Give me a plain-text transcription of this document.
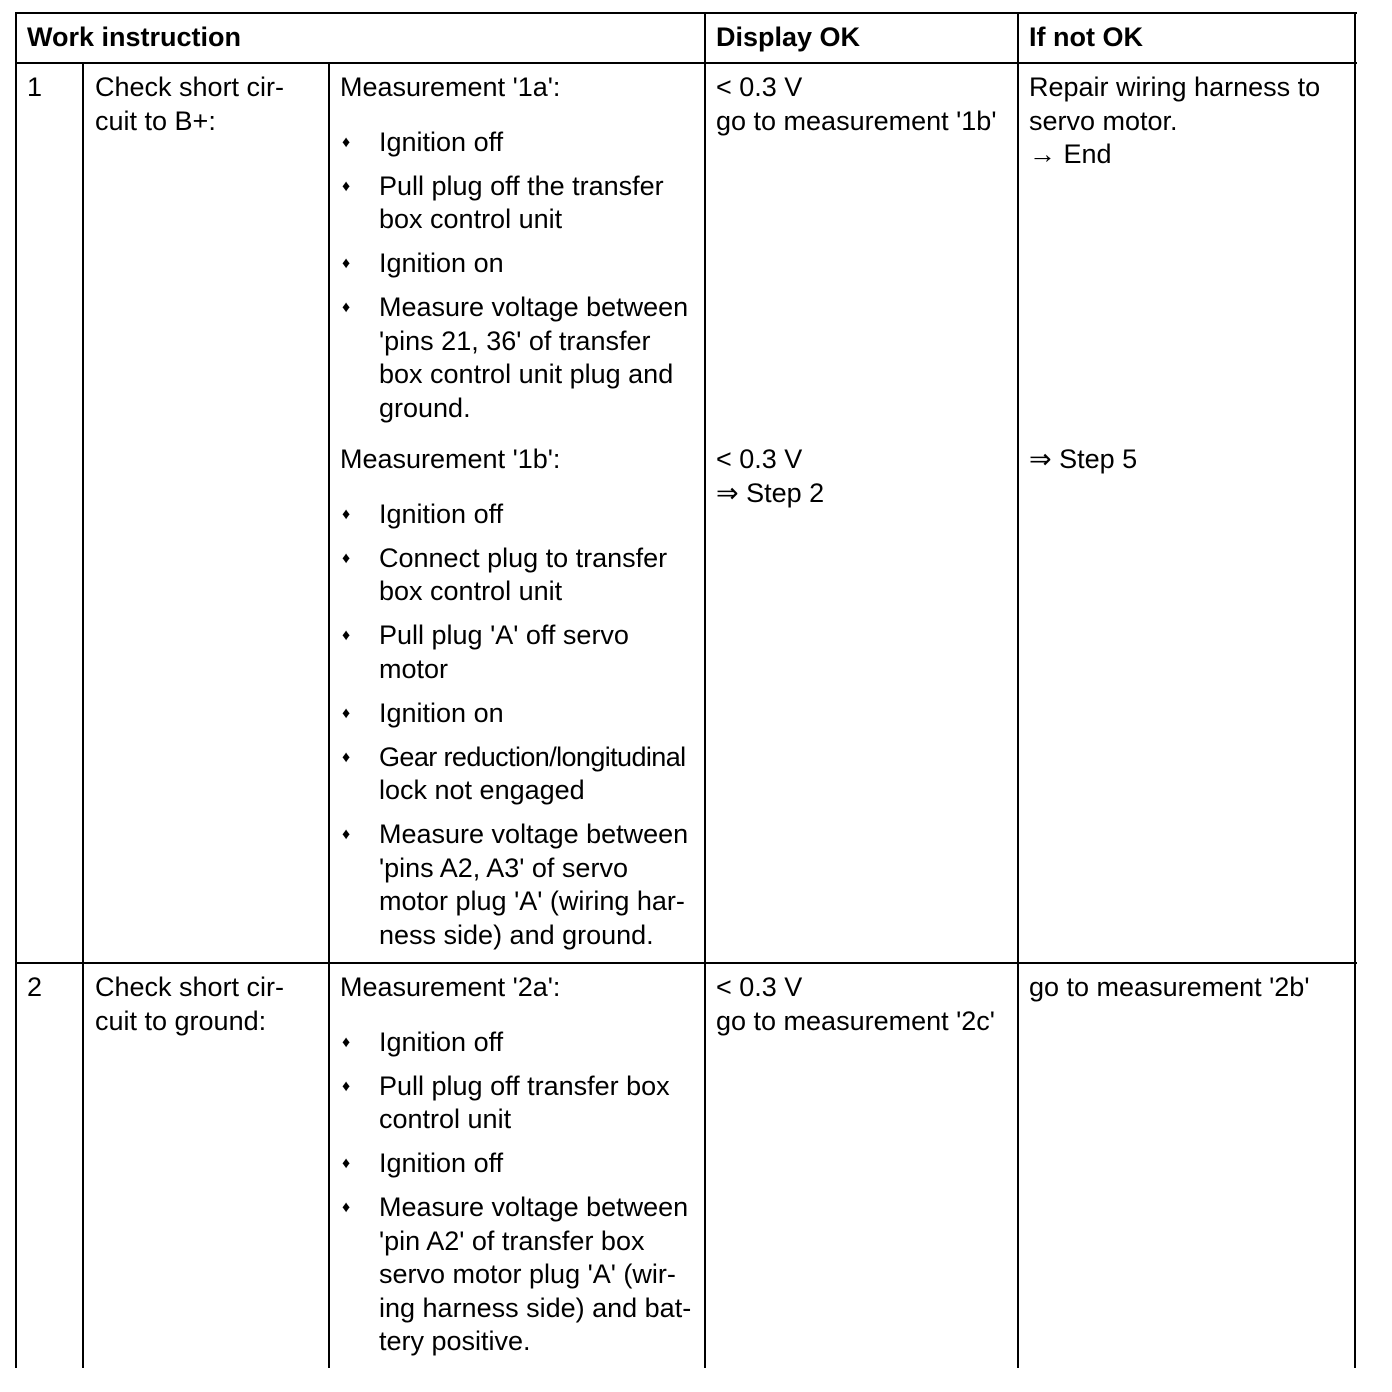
Work instruction	Display OK	If not OK
1 Check short cir-
cuit to B+:
Measurement '1a':
♦ Ignition off
♦ Pull plug off the transfer
box control unit
♦ Ignition on
♦ Measure voltage between
'pins 21, 36' of transfer
box control unit plug and
ground.
< 0.3 V
go to measurement '1b'
Repair wiring harness to
servo motor.
→ End
Measurement '1b':
♦ Ignition off
♦ Connect plug to transfer
box control unit
♦ Pull plug 'A' off servo
motor
♦ Ignition on
♦ Gear reduction/longitudinal
lock not engaged
♦ Measure voltage between
'pins A2, A3' of servo
motor plug 'A' (wiring har-
ness side) and ground.
< 0.3 V
⇒ Step 2
⇒ Step 5
2 Check short cir-
cuit to ground:
Measurement '2a':
♦ Ignition off
♦ Pull plug off transfer box
control unit
♦ Ignition off
♦ Measure voltage between
'pin A2' of transfer box
servo motor plug 'A' (wir-
ing harness side) and bat-
tery positive.
< 0.3 V
go to measurement '2c'
go to measurement '2b'
